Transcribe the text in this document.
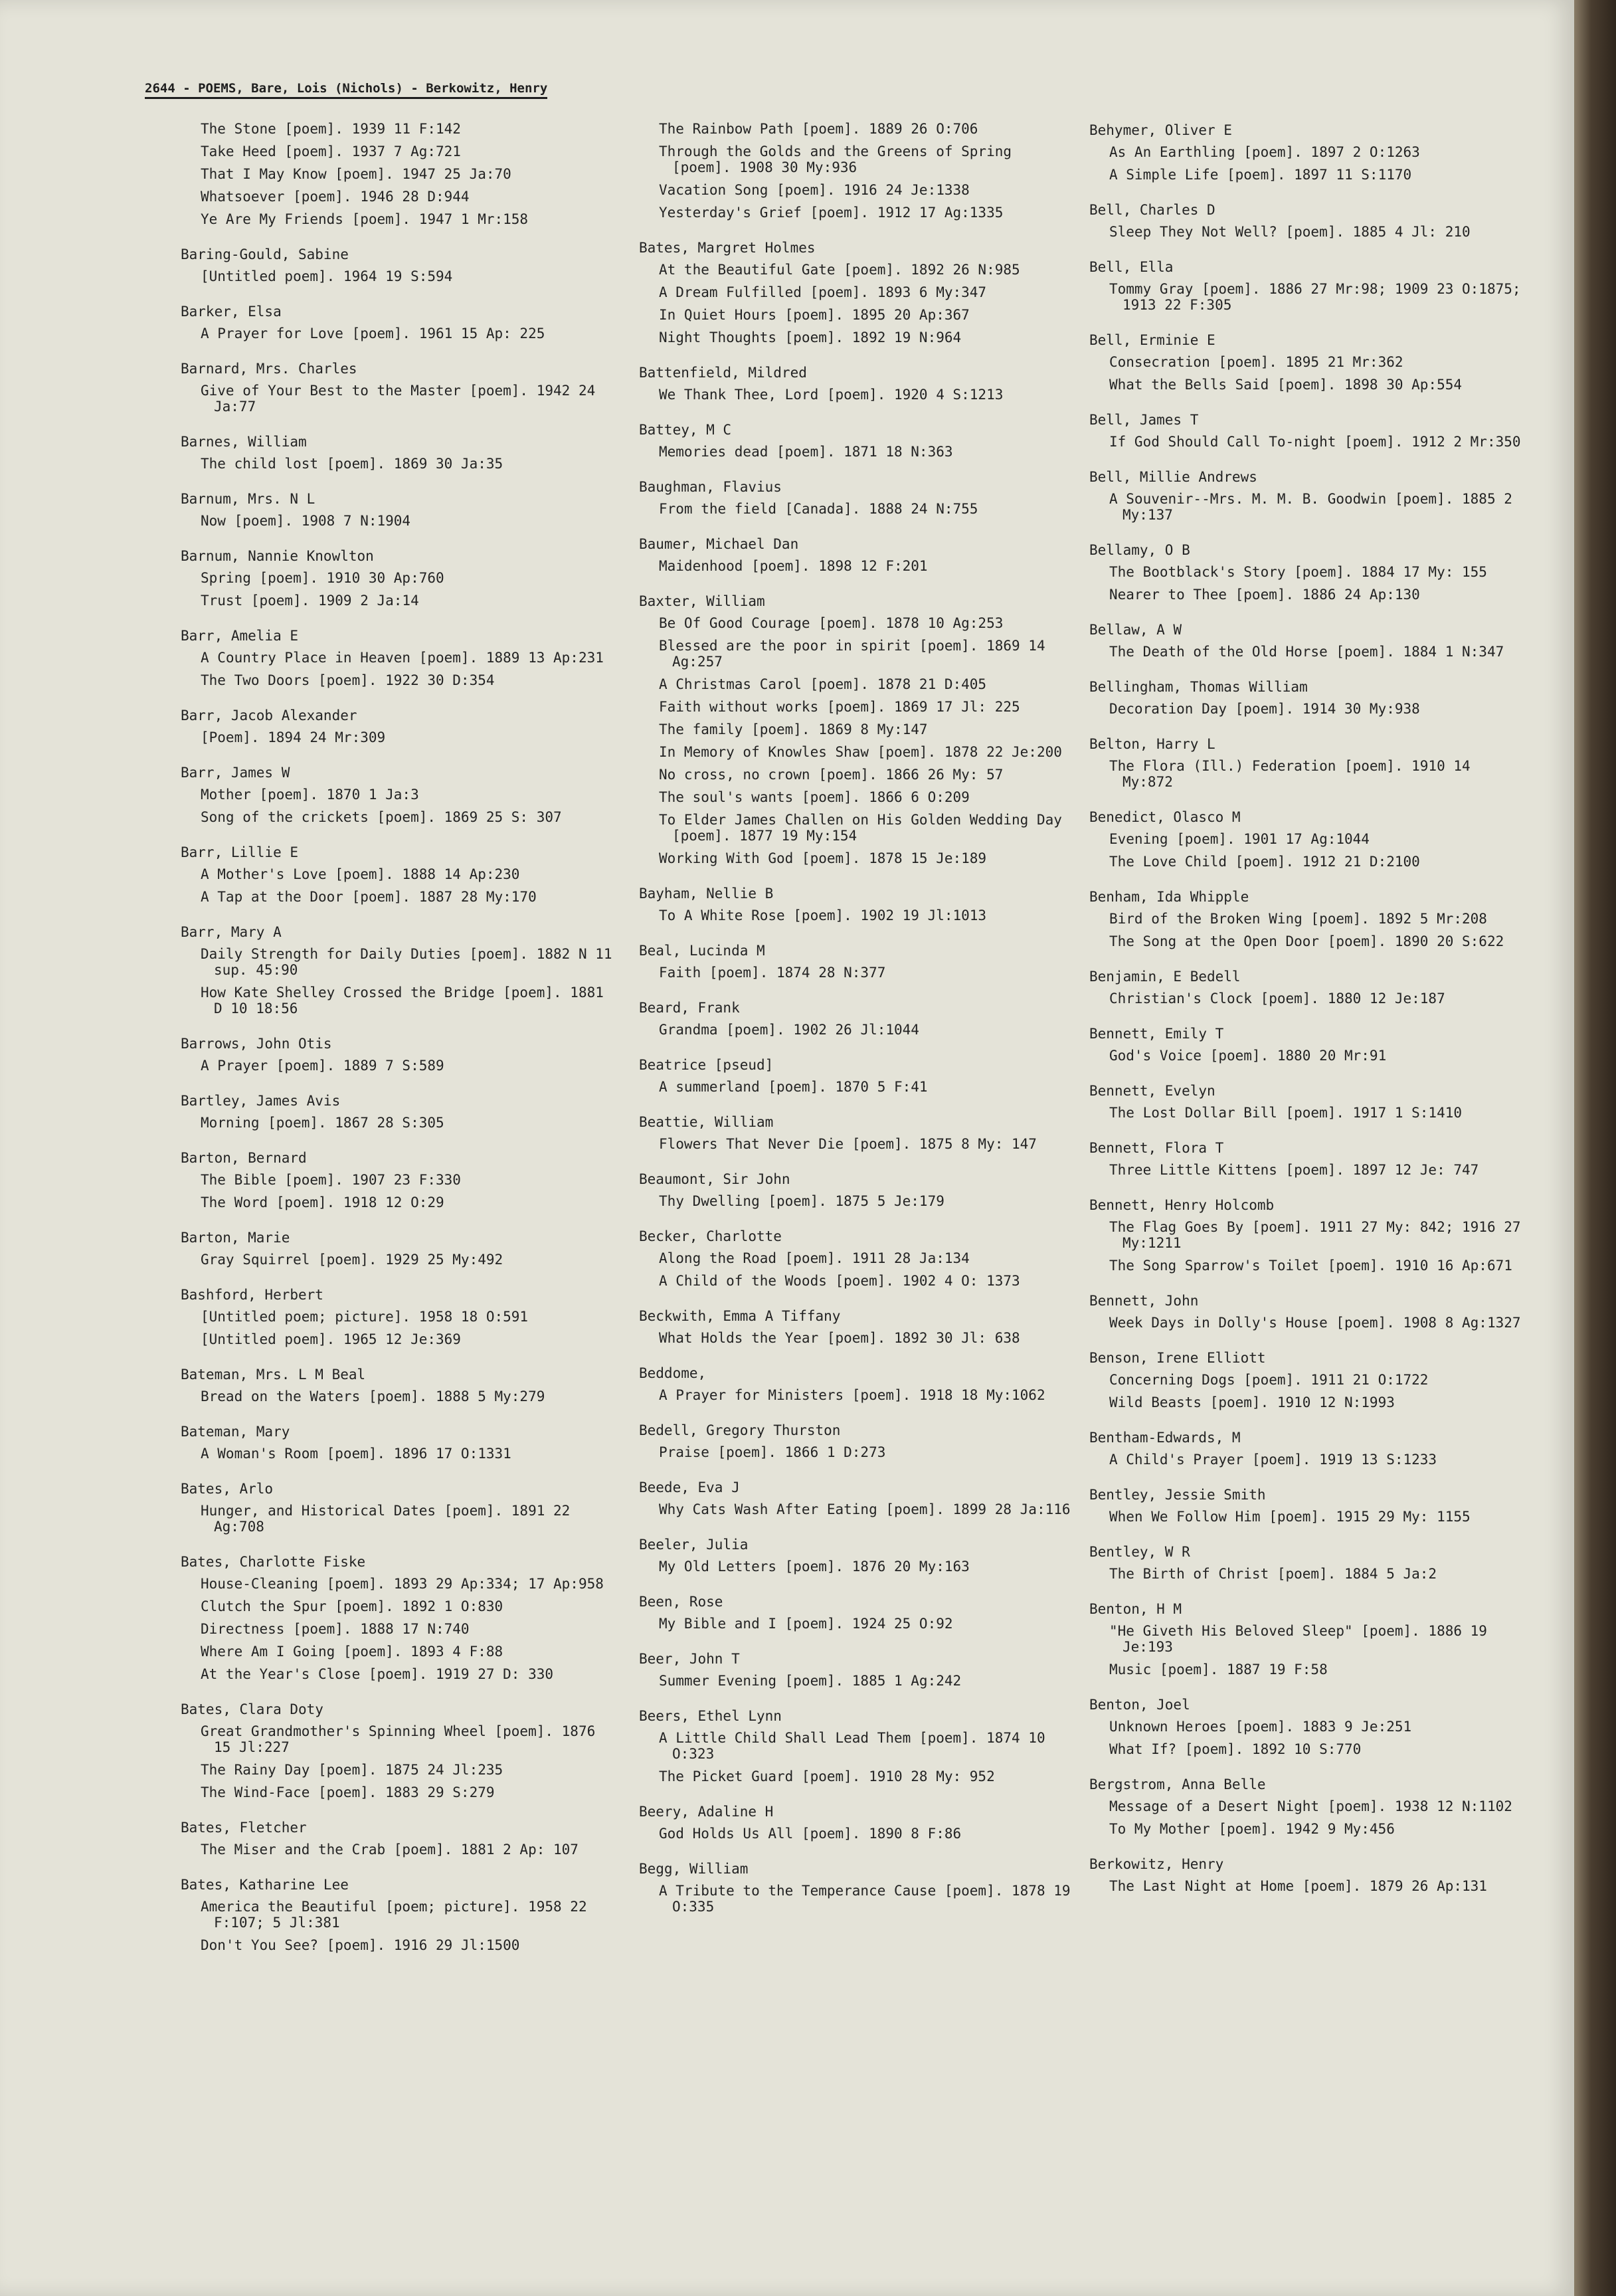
2644 - POEMS, Bare, Lois (Nichols) - Berkowitz, Henry
The Stone [poem]. 1939 11 F:142
Take Heed [poem]. 1937 7 Ag:721
That I May Know [poem]. 1947 25 Ja:70
Whatsoever [poem]. 1946 28 D:944
Ye Are My Friends [poem]. 1947 1 Mr:158
Baring-Gould, Sabine
[Untitled poem]. 1964 19 S:594
Barker, Elsa
A Prayer for Love [poem]. 1961 15 Ap: 225
Barnard, Mrs. Charles
Give of Your Best to the Master [poem]. 1942 24 Ja:77
Barnes, William
The child lost [poem]. 1869 30 Ja:35
Barnum, Mrs. N L
Now [poem]. 1908 7 N:1904
Barnum, Nannie Knowlton
Spring [poem]. 1910 30 Ap:760
Trust [poem]. 1909 2 Ja:14
Barr, Amelia E
A Country Place in Heaven [poem]. 1889 13 Ap:231
The Two Doors [poem]. 1922 30 D:354
Barr, Jacob Alexander
[Poem]. 1894 24 Mr:309
Barr, James W
Mother [poem]. 1870 1 Ja:3
Song of the crickets [poem]. 1869 25 S: 307
Barr, Lillie E
A Mother's Love [poem]. 1888 14 Ap:230
A Tap at the Door [poem]. 1887 28 My:170
Barr, Mary A
Daily Strength for Daily Duties [poem]. 1882 N 11 sup. 45:90
How Kate Shelley Crossed the Bridge [poem]. 1881 D 10 18:56
Barrows, John Otis
A Prayer [poem]. 1889 7 S:589
Bartley, James Avis
Morning [poem]. 1867 28 S:305
Barton, Bernard
The Bible [poem]. 1907 23 F:330
The Word [poem]. 1918 12 O:29
Barton, Marie
Gray Squirrel [poem]. 1929 25 My:492
Bashford, Herbert
[Untitled poem; picture]. 1958 18 O:591
[Untitled poem]. 1965 12 Je:369
Bateman, Mrs. L M Beal
Bread on the Waters [poem]. 1888 5 My:279
Bateman, Mary
A Woman's Room [poem]. 1896 17 O:1331
Bates, Arlo
Hunger, and Historical Dates [poem]. 1891 22 Ag:708
Bates, Charlotte Fiske
House-Cleaning [poem]. 1893 29 Ap:334; 17 Ap:958
Clutch the Spur [poem]. 1892 1 O:830
Directness [poem]. 1888 17 N:740
Where Am I Going [poem]. 1893 4 F:88
At the Year's Close [poem]. 1919 27 D: 330
Bates, Clara Doty
Great Grandmother's Spinning Wheel [poem]. 1876 15 Jl:227
The Rainy Day [poem]. 1875 24 Jl:235
The Wind-Face [poem]. 1883 29 S:279
Bates, Fletcher
The Miser and the Crab [poem]. 1881 2 Ap: 107
Bates, Katharine Lee
America the Beautiful [poem; picture]. 1958 22 F:107; 5 Jl:381
Don't You See? [poem]. 1916 29 Jl:1500
The Rainbow Path [poem]. 1889 26 O:706
Through the Golds and the Greens of Spring [poem]. 1908 30 My:936
Vacation Song [poem]. 1916 24 Je:1338
Yesterday's Grief [poem]. 1912 17 Ag:1335
Bates, Margret Holmes
At the Beautiful Gate [poem]. 1892 26 N:985
A Dream Fulfilled [poem]. 1893 6 My:347
In Quiet Hours [poem]. 1895 20 Ap:367
Night Thoughts [poem]. 1892 19 N:964
Battenfield, Mildred
We Thank Thee, Lord [poem]. 1920 4 S:1213
Battey, M C
Memories dead [poem]. 1871 18 N:363
Baughman, Flavius
From the field [Canada]. 1888 24 N:755
Baumer, Michael Dan
Maidenhood [poem]. 1898 12 F:201
Baxter, William
Be Of Good Courage [poem]. 1878 10 Ag:253
Blessed are the poor in spirit [poem]. 1869 14 Ag:257
A Christmas Carol [poem]. 1878 21 D:405
Faith without works [poem]. 1869 17 Jl: 225
The family [poem]. 1869 8 My:147
In Memory of Knowles Shaw [poem]. 1878 22 Je:200
No cross, no crown [poem]. 1866 26 My: 57
The soul's wants [poem]. 1866 6 O:209
To Elder James Challen on His Golden Wedding Day [poem]. 1877 19 My:154
Working With God [poem]. 1878 15 Je:189
Bayham, Nellie B
To A White Rose [poem]. 1902 19 Jl:1013
Beal, Lucinda M
Faith [poem]. 1874 28 N:377
Beard, Frank
Grandma [poem]. 1902 26 Jl:1044
Beatrice [pseud]
A summerland [poem]. 1870 5 F:41
Beattie, William
Flowers That Never Die [poem]. 1875 8 My: 147
Beaumont, Sir John
Thy Dwelling [poem]. 1875 5 Je:179
Becker, Charlotte
Along the Road [poem]. 1911 28 Ja:134
A Child of the Woods [poem]. 1902 4 O: 1373
Beckwith, Emma A Tiffany
What Holds the Year [poem]. 1892 30 Jl: 638
Beddome,
A Prayer for Ministers [poem]. 1918 18 My:1062
Bedell, Gregory Thurston
Praise [poem]. 1866 1 D:273
Beede, Eva J
Why Cats Wash After Eating [poem]. 1899 28 Ja:116
Beeler, Julia
My Old Letters [poem]. 1876 20 My:163
Been, Rose
My Bible and I [poem]. 1924 25 O:92
Beer, John T
Summer Evening [poem]. 1885 1 Ag:242
Beers, Ethel Lynn
A Little Child Shall Lead Them [poem]. 1874 10 O:323
The Picket Guard [poem]. 1910 28 My: 952
Beery, Adaline H
God Holds Us All [poem]. 1890 8 F:86
Begg, William
A Tribute to the Temperance Cause [poem]. 1878 19 O:335
Behymer, Oliver E
As An Earthling [poem]. 1897 2 O:1263
A Simple Life [poem]. 1897 11 S:1170
Bell, Charles D
Sleep They Not Well? [poem]. 1885 4 Jl: 210
Bell, Ella
Tommy Gray [poem]. 1886 27 Mr:98; 1909 23 O:1875; 1913 22 F:305
Bell, Erminie E
Consecration [poem]. 1895 21 Mr:362
What the Bells Said [poem]. 1898 30 Ap:554
Bell, James T
If God Should Call To-night [poem]. 1912 2 Mr:350
Bell, Millie Andrews
A Souvenir--Mrs. M. M. B. Goodwin [poem]. 1885 2 My:137
Bellamy, O B
The Bootblack's Story [poem]. 1884 17 My: 155
Nearer to Thee [poem]. 1886 24 Ap:130
Bellaw, A W
The Death of the Old Horse [poem]. 1884 1 N:347
Bellingham, Thomas William
Decoration Day [poem]. 1914 30 My:938
Belton, Harry L
The Flora (Ill.) Federation [poem]. 1910 14 My:872
Benedict, Olasco M
Evening [poem]. 1901 17 Ag:1044
The Love Child [poem]. 1912 21 D:2100
Benham, Ida Whipple
Bird of the Broken Wing [poem]. 1892 5 Mr:208
The Song at the Open Door [poem]. 1890 20 S:622
Benjamin, E Bedell
Christian's Clock [poem]. 1880 12 Je:187
Bennett, Emily T
God's Voice [poem]. 1880 20 Mr:91
Bennett, Evelyn
The Lost Dollar Bill [poem]. 1917 1 S:1410
Bennett, Flora T
Three Little Kittens [poem]. 1897 12 Je: 747
Bennett, Henry Holcomb
The Flag Goes By [poem]. 1911 27 My: 842; 1916 27 My:1211
The Song Sparrow's Toilet [poem]. 1910 16 Ap:671
Bennett, John
Week Days in Dolly's House [poem]. 1908 8 Ag:1327
Benson, Irene Elliott
Concerning Dogs [poem]. 1911 21 O:1722
Wild Beasts [poem]. 1910 12 N:1993
Bentham-Edwards, M
A Child's Prayer [poem]. 1919 13 S:1233
Bentley, Jessie Smith
When We Follow Him [poem]. 1915 29 My: 1155
Bentley, W R
The Birth of Christ [poem]. 1884 5 Ja:2
Benton, H M
"He Giveth His Beloved Sleep" [poem]. 1886 19 Je:193
Music [poem]. 1887 19 F:58
Benton, Joel
Unknown Heroes [poem]. 1883 9 Je:251
What If? [poem]. 1892 10 S:770
Bergstrom, Anna Belle
Message of a Desert Night [poem]. 1938 12 N:1102
To My Mother [poem]. 1942 9 My:456
Berkowitz, Henry
The Last Night at Home [poem]. 1879 26 Ap:131
